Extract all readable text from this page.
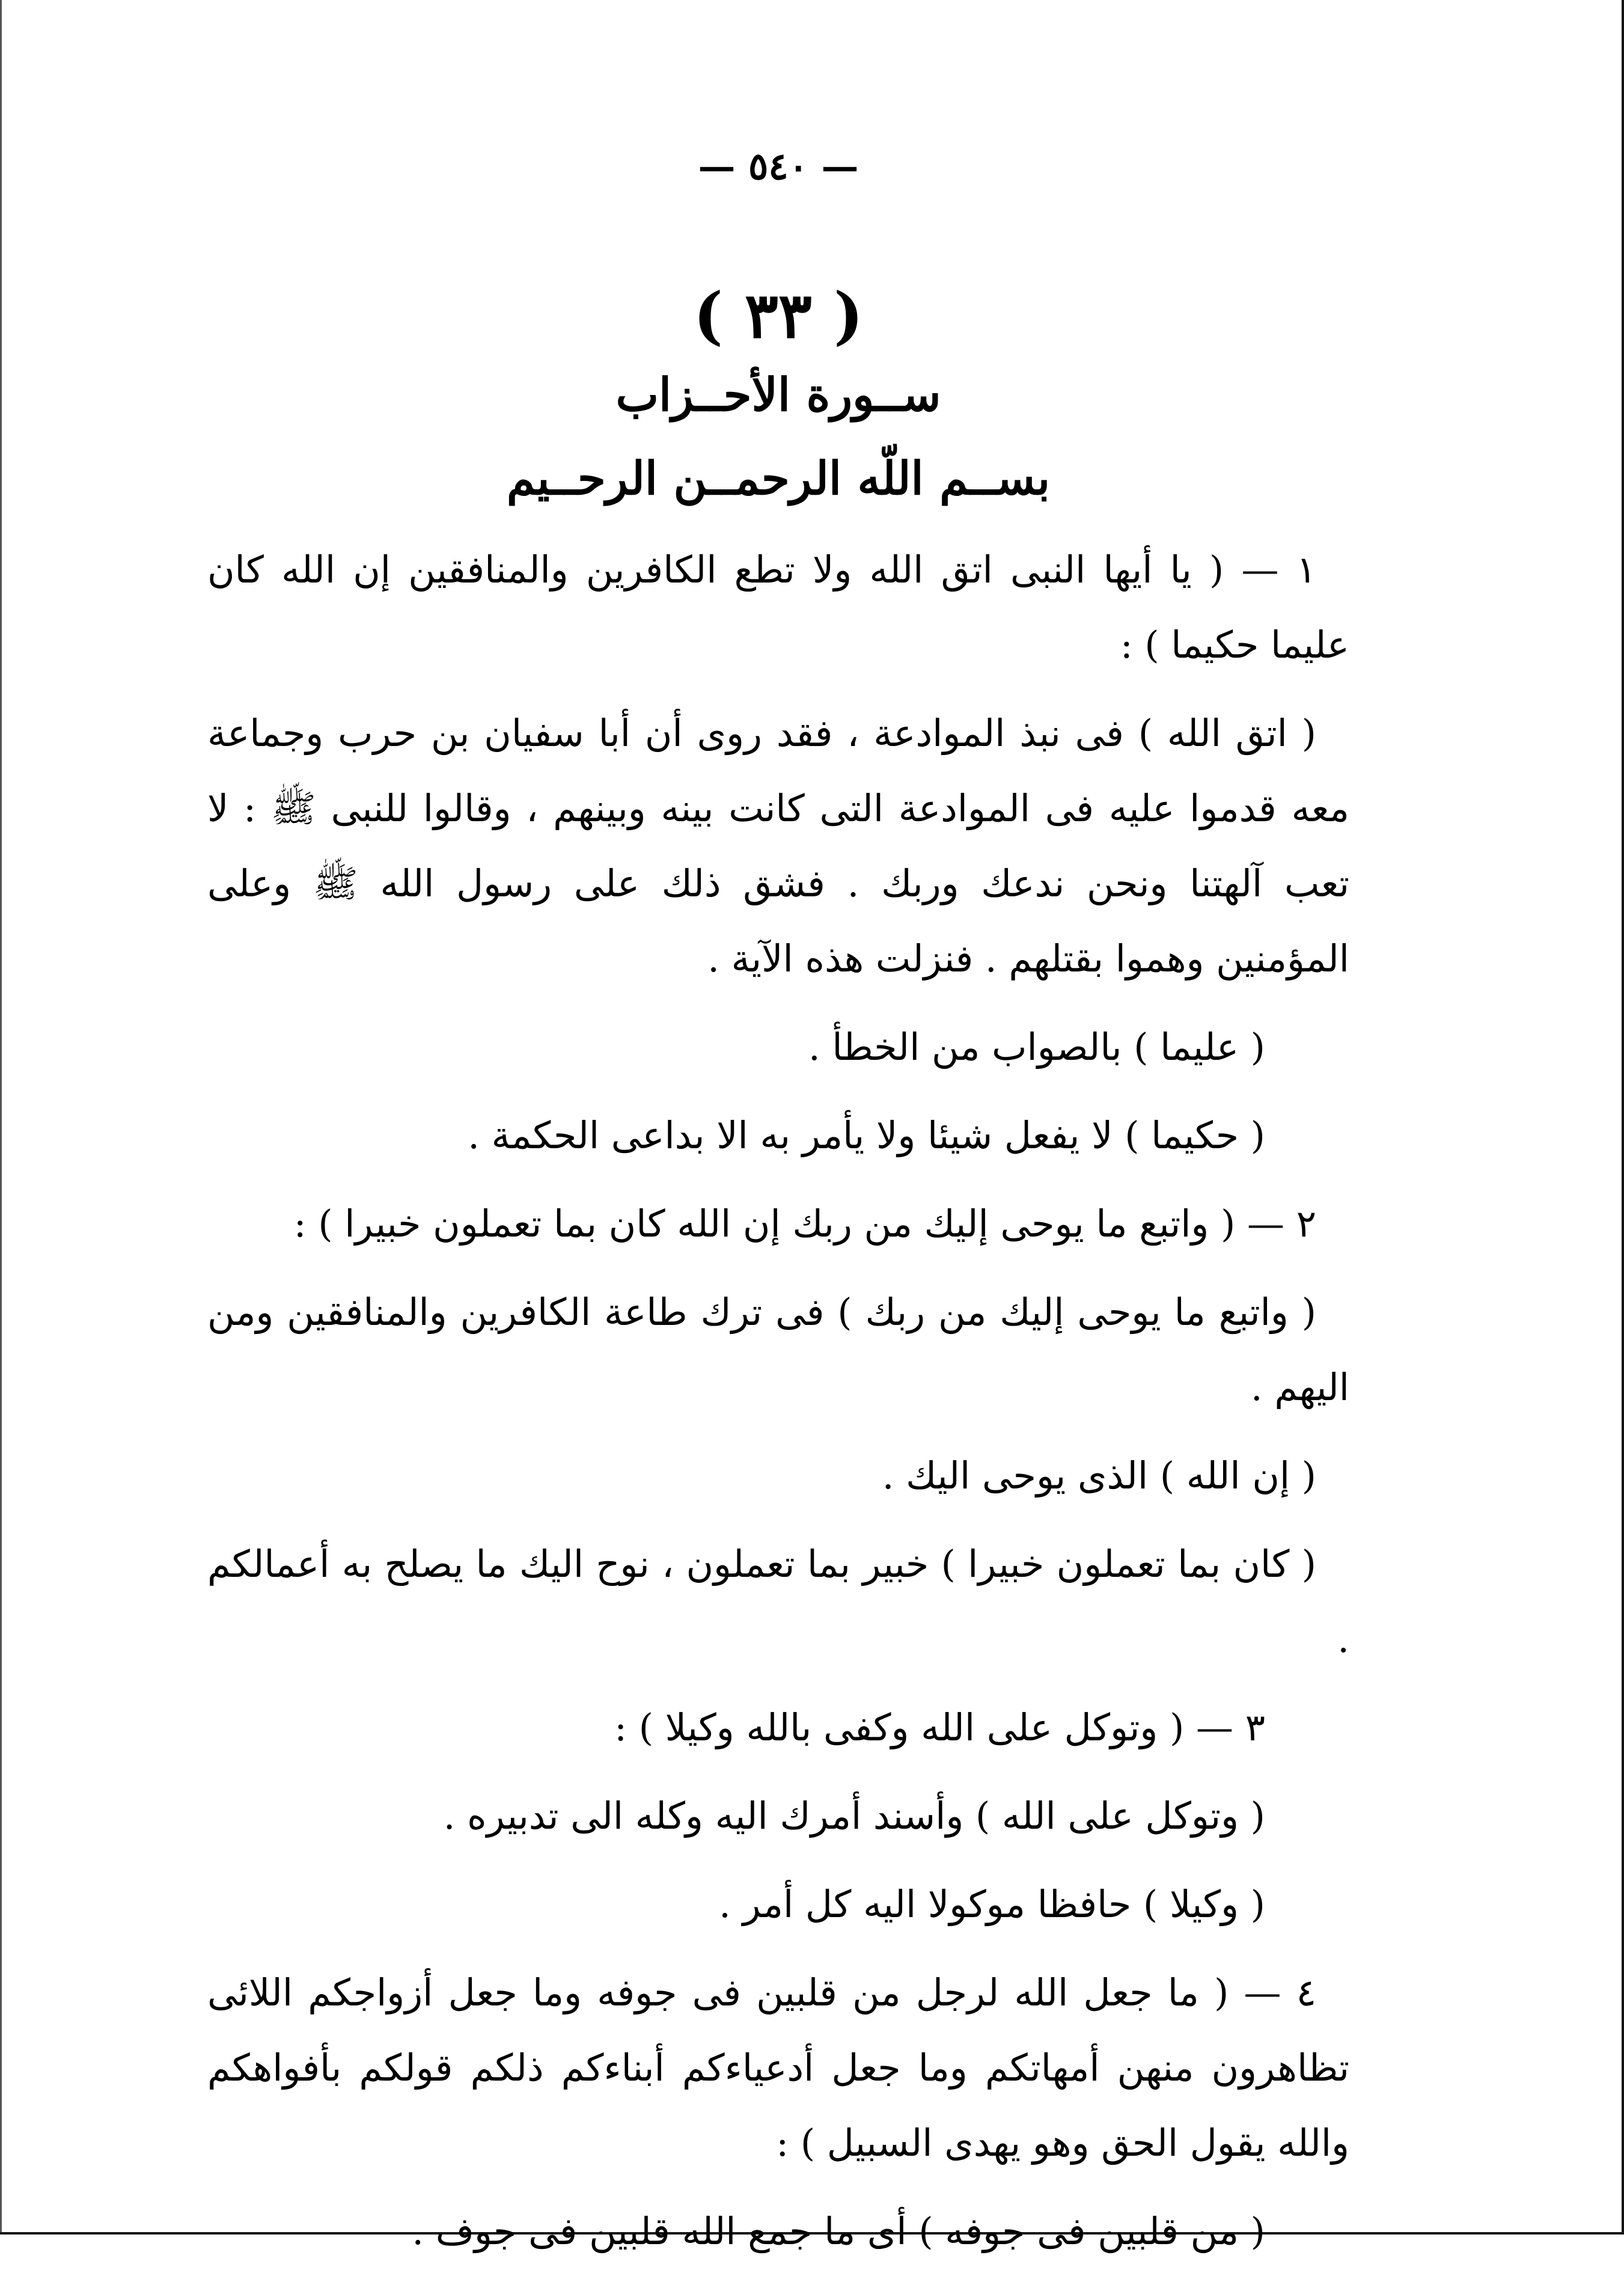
— ٥٤٠ —
( ٣٣ )
ســورة الأحــزاب
بســم اللّه الرحمــن الرحــيم

١ — ( يا أيها النبى اتق الله ولا تطع الكافرين والمنافقين إن الله كان عليما حكيما ) :

( اتق الله ) فى نبذ الموادعة ، فقد روى أن أبا سفيان بن حرب وجماعة معه قدموا عليه فى الموادعة التى كانت بينه وبينهم ، وقالوا للنبى ﷺ : لا تعب آلهتنا ونحن ندعك وربك . فشق ذلك على رسول الله ﷺ وعلى المؤمنين وهموا بقتلهم . فنزلت هذه الآية .

( عليما ) بالصواب من الخطأ .

( حكيما ) لا يفعل شيئا ولا يأمر به الا بداعى الحكمة .

٢ — ( واتبع ما يوحى إليك من ربك إن الله كان بما تعملون خبيرا ) :

( واتبع ما يوحى إليك من ربك ) فى ترك طاعة الكافرين والمنافقين ومن اليهم .

( إن الله ) الذى يوحى اليك .

( كان بما تعملون خبيرا ) خبير بما تعملون ، نوح اليك ما يصلح به أعمالكم .

٣ — ( وتوكل على الله وكفى بالله وكيلا ) :

( وتوكل على الله ) وأسند أمرك اليه وكله الى تدبيره .

( وكيلا ) حافظا موكولا اليه كل أمر .

٤ — ( ما جعل الله لرجل من قلبين فى جوفه وما جعل أزواجكم اللائى تظاهرون منهن أمهاتكم وما جعل أدعياءكم أبناءكم ذلكم قولكم بأفواهكم والله يقول الحق وهو يهدى السبيل ) :

( من قلبين فى جوفه ) أى ما جمع الله قلبين فى جوف .
